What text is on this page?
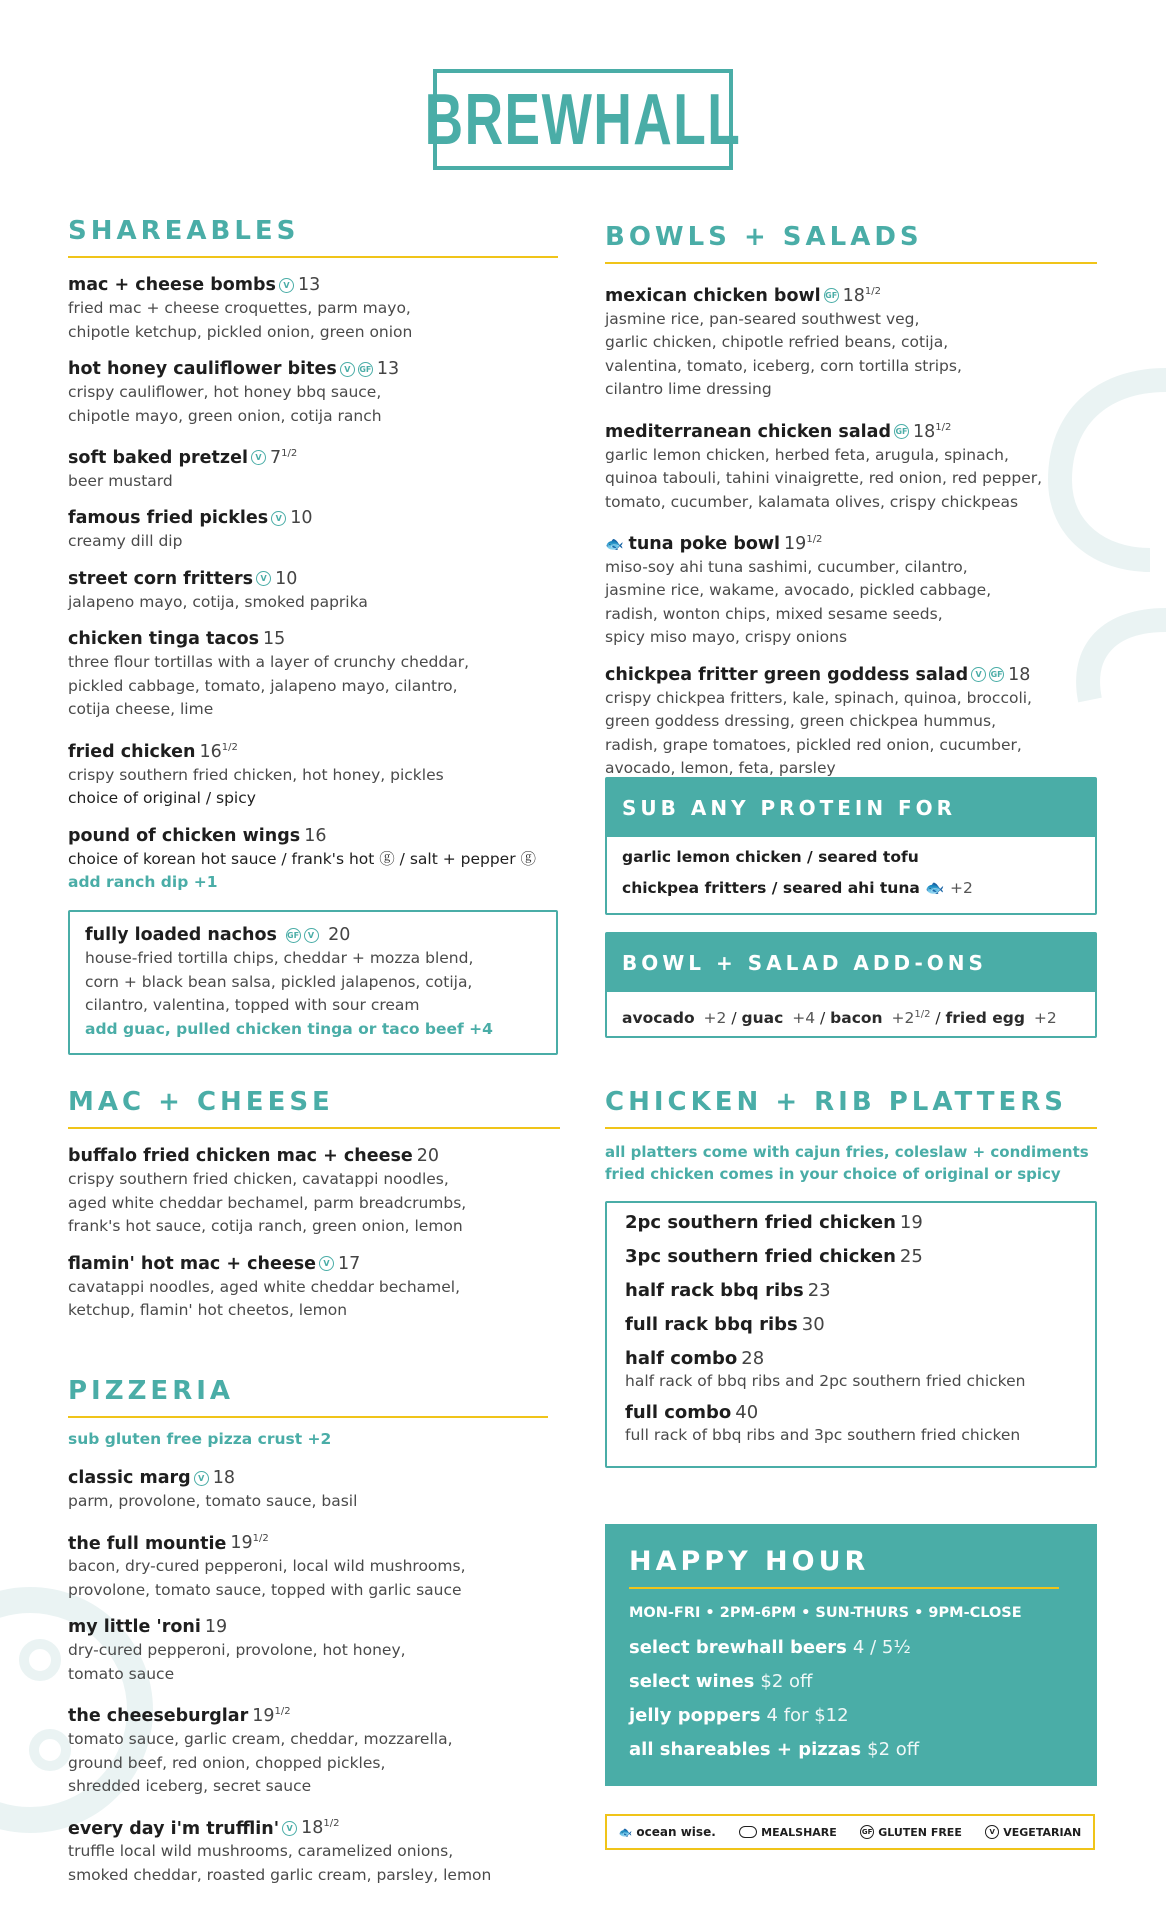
BREWHALL
SHAREABLES
mac + cheese bombs V 13
fried mac + cheese croquettes, parm mayo,
chipotle ketchup, pickled onion, green onion
hot honey cauliflower bites V GF 13
crispy cauliflower, hot honey bbq sauce,
chipotle mayo, green onion, cotija ranch
soft baked pretzel V $7^{1/2}$
beer mustard
famous fried pickles V 10
creamy dill dip
street corn fritters V 10
jalapeno mayo, cotija, smoked paprika
chicken tinga tacos 15
three flour tortillas with a layer of crunchy cheddar,
pickled cabbage, tomato, jalapeno mayo, cilantro,
cotija cheese, lime
fried chicken $16^{1/2}$
crispy southern fried chicken, hot honey, pickles
choice of original / spicy
pound of chicken wings 16
choice of korean hot sauce / frank's hot ⓖ / salt + pepper ⓖ
add ranch dip +1
fully loaded nachos GF V 20
house-fried tortilla chips, cheddar + mozza blend,
corn + black bean salsa, pickled jalapenos, cotija,
cilantro, valentina, topped with sour cream
add guac, pulled chicken tinga or taco beef +4
BOWLS + SALADS
mexican chicken bowl GF $18^{1/2}$
jasmine rice, pan-seared southwest veg,
garlic chicken, chipotle refried beans, cotija,
valentina, tomato, iceberg, corn tortilla strips,
cilantro lime dressing
mediterranean chicken salad GF $18^{1/2}$
garlic lemon chicken, herbed feta, arugula, spinach,
quinoa tabouli, tahini vinaigrette, red onion, red pepper,
tomato, cucumber, kalamata olives, crispy chickpeas
🐟 tuna poke bowl $19^{1/2}$
miso-soy ahi tuna sashimi, cucumber, cilantro,
jasmine rice, wakame, avocado, pickled cabbage,
radish, wonton chips, mixed sesame seeds,
spicy miso mayo, crispy onions
chickpea fritter green goddess salad V GF 18
crispy chickpea fritters, kale, spinach, quinoa, broccoli,
green goddess dressing, green chickpea hummus,
radish, grape tomatoes, pickled red onion, cucumber,
avocado, lemon, feta, parsley
SUB ANY PROTEIN FOR
garlic lemon chicken / seared tofu
chickpea fritters / seared ahi tuna 🐟 +2
BOWL + SALAD ADD-ONS
avocado +2 / guac +4 / bacon $+2^{1/2}$ / fried egg +2
MAC + CHEESE
buffalo fried chicken mac + cheese 20
crispy southern fried chicken, cavatappi noodles,
aged white cheddar bechamel, parm breadcrumbs,
frank's hot sauce, cotija ranch, green onion, lemon
flamin' hot mac + cheese V 17
cavatappi noodles, aged white cheddar bechamel,
ketchup, flamin' hot cheetos, lemon
CHICKEN + RIB PLATTERS
all platters come with cajun fries, coleslaw + condiments
fried chicken comes in your choice of original or spicy
2pc southern fried chicken 19
3pc southern fried chicken 25
half rack bbq ribs 23
full rack bbq ribs 30
half combo 28
half rack of bbq ribs and 2pc southern fried chicken
full combo 40
full rack of bbq ribs and 3pc southern fried chicken
PIZZERIA
sub gluten free pizza crust +2
classic marg V 18
parm, provolone, tomato sauce, basil
the full mountie $19^{1/2}$
bacon, dry-cured pepperoni, local wild mushrooms,
provolone, tomato sauce, topped with garlic sauce
my little 'roni 19
dry-cured pepperoni, provolone, hot honey,
tomato sauce
the cheeseburglar $19^{1/2}$
tomato sauce, garlic cream, cheddar, mozzarella,
ground beef, red onion, chopped pickles,
shredded iceberg, secret sauce
every day i'm trufflin' V $18^{1/2}$
truffle local wild mushrooms, caramelized onions,
smoked cheddar, roasted garlic cream, parsley, lemon
HAPPY HOUR
MON-FRI • 2PM-6PM • SUN-THURS • 9PM-CLOSE
select brewhall beers 4 / 5½
select wines $2 off
jelly poppers 4 for $12
all shareables + pizzas $2 off
🐟 ocean wise.	MEALSHARE	GF GLUTEN FREE	V VEGETARIAN
